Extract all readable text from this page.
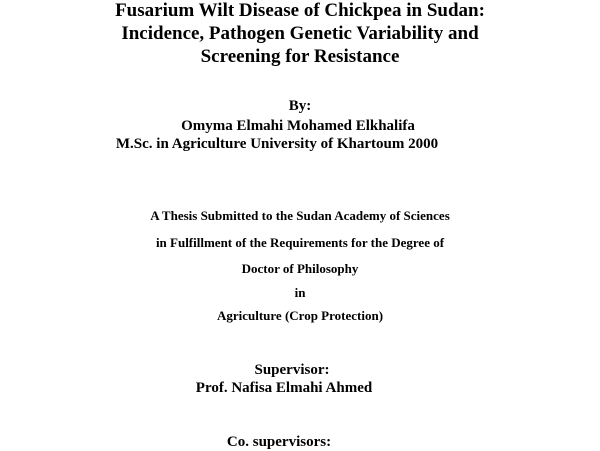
Fusarium Wilt Disease of Chickpea in Sudan:
Incidence, Pathogen Genetic Variability and
Screening for Resistance
By:
Omyma Elmahi Mohamed Elkhalifa
M.Sc. in Agriculture University of Khartoum 2000
A Thesis Submitted to the Sudan Academy of Sciences
in Fulfillment of the Requirements for the Degree of
Doctor of Philosophy
in
Agriculture (Crop Protection)
Supervisor:
Prof. Nafisa Elmahi Ahmed
Co. supervisors:
